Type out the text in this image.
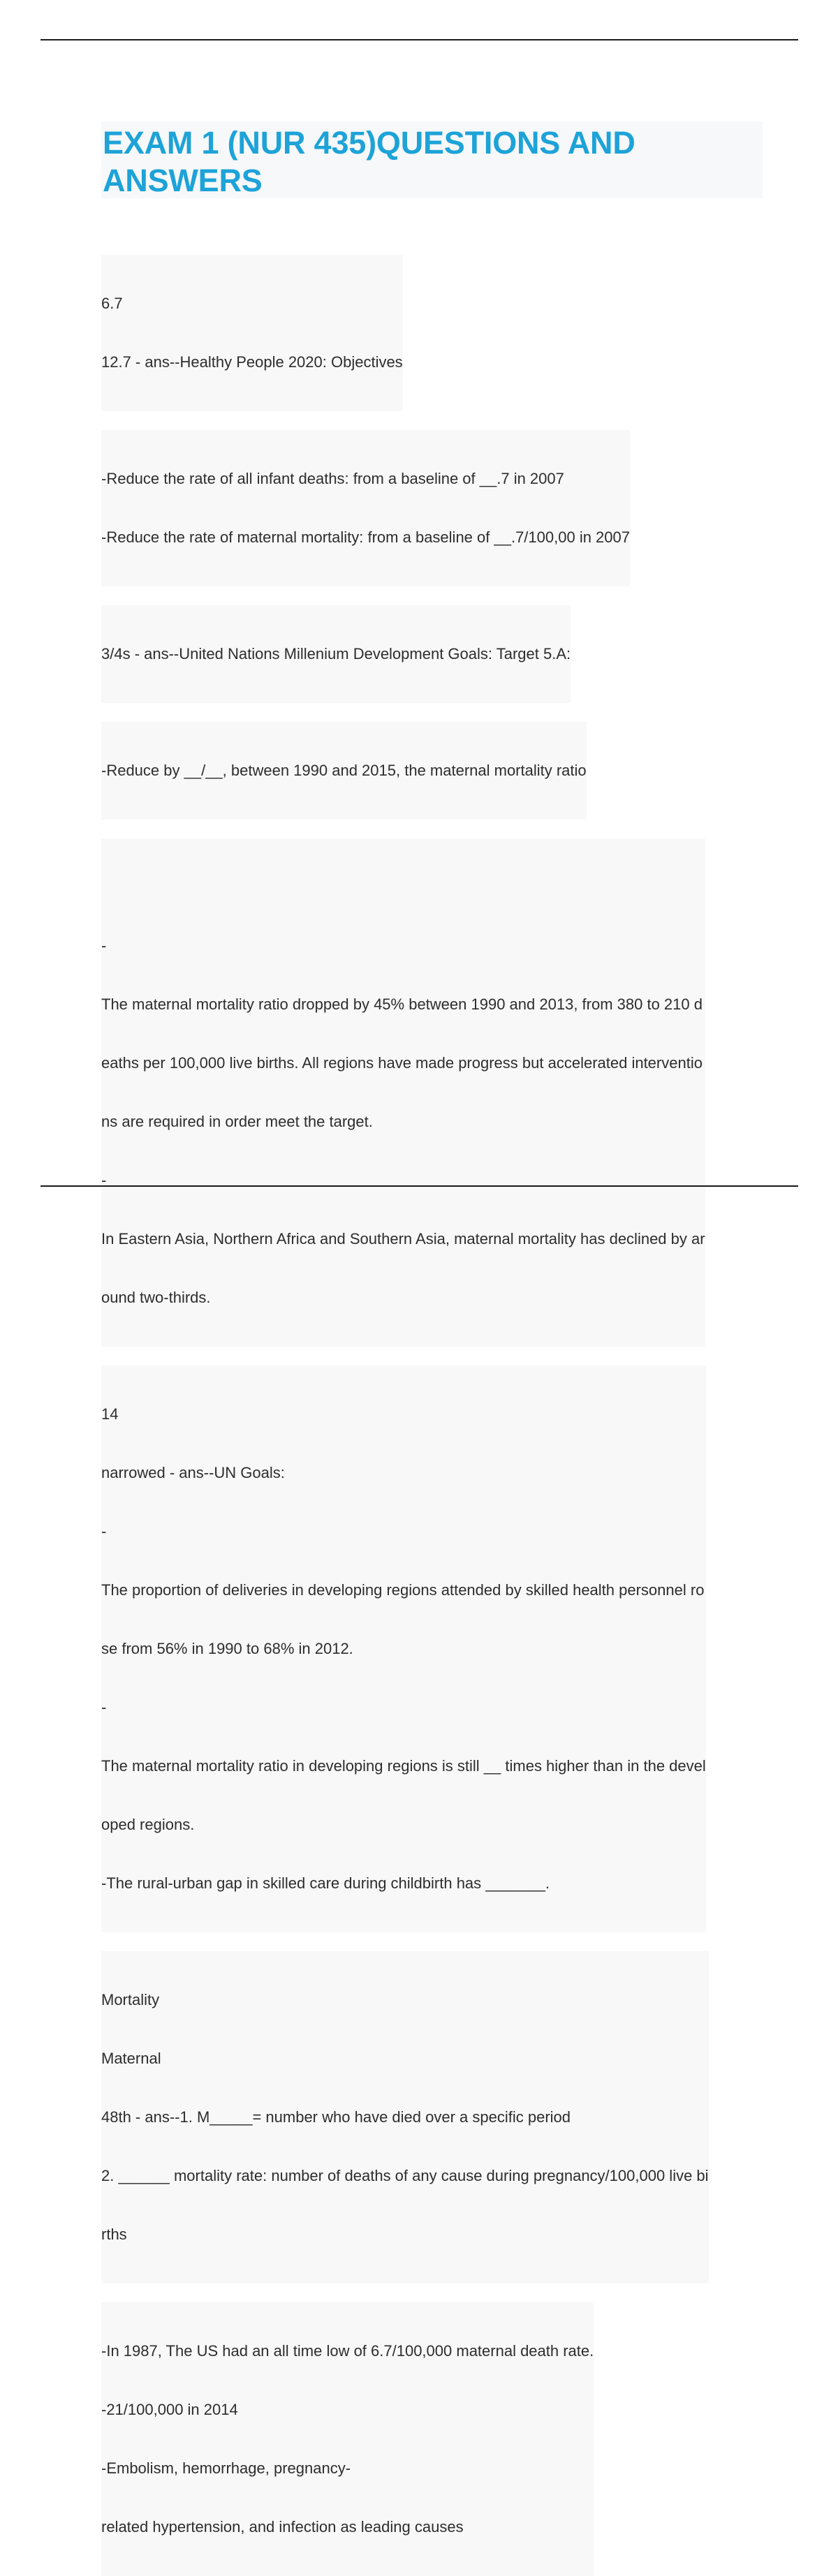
EXAM 1 (NUR 435)QUESTIONS AND
ANSWERS

6.7

12.7 - ans--Healthy People 2020: Objectives

-Reduce the rate of all infant deaths: from a baseline of __.7 in 2007

-Reduce the rate of maternal mortality: from a baseline of __.7/100,00 in 2007

3/4s - ans--United Nations Millenium Development Goals: Target 5.A:

-Reduce by __/__, between 1990 and 2015, the maternal mortality ratio

-

The maternal mortality ratio dropped by 45% between 1990 and 2013, from 380 to 210 d

eaths per 100,000 live births. All regions have made progress but accelerated interventio

ns are required in order meet the target.

-

In Eastern Asia, Northern Africa and Southern Asia, maternal mortality has declined by ar

ound two-thirds.

14

narrowed - ans--UN Goals:

-

The proportion of deliveries in developing regions attended by skilled health personnel ro

se from 56% in 1990 to 68% in 2012.

-

The maternal mortality ratio in developing regions is still __ times higher than in the devel

oped regions.

-The rural-urban gap in skilled care during childbirth has _______.

Mortality

Maternal

48th - ans--1. M_____= number who have died over a specific period

2. ______ mortality rate: number of deaths of any cause during pregnancy/100,000 live bi

rths

-In 1987, The US had an all time low of 6.7/100,000 maternal death rate.

-21/100,000 in 2014

-Embolism, hemorrhage, pregnancy-

related hypertension, and infection as leading causes
